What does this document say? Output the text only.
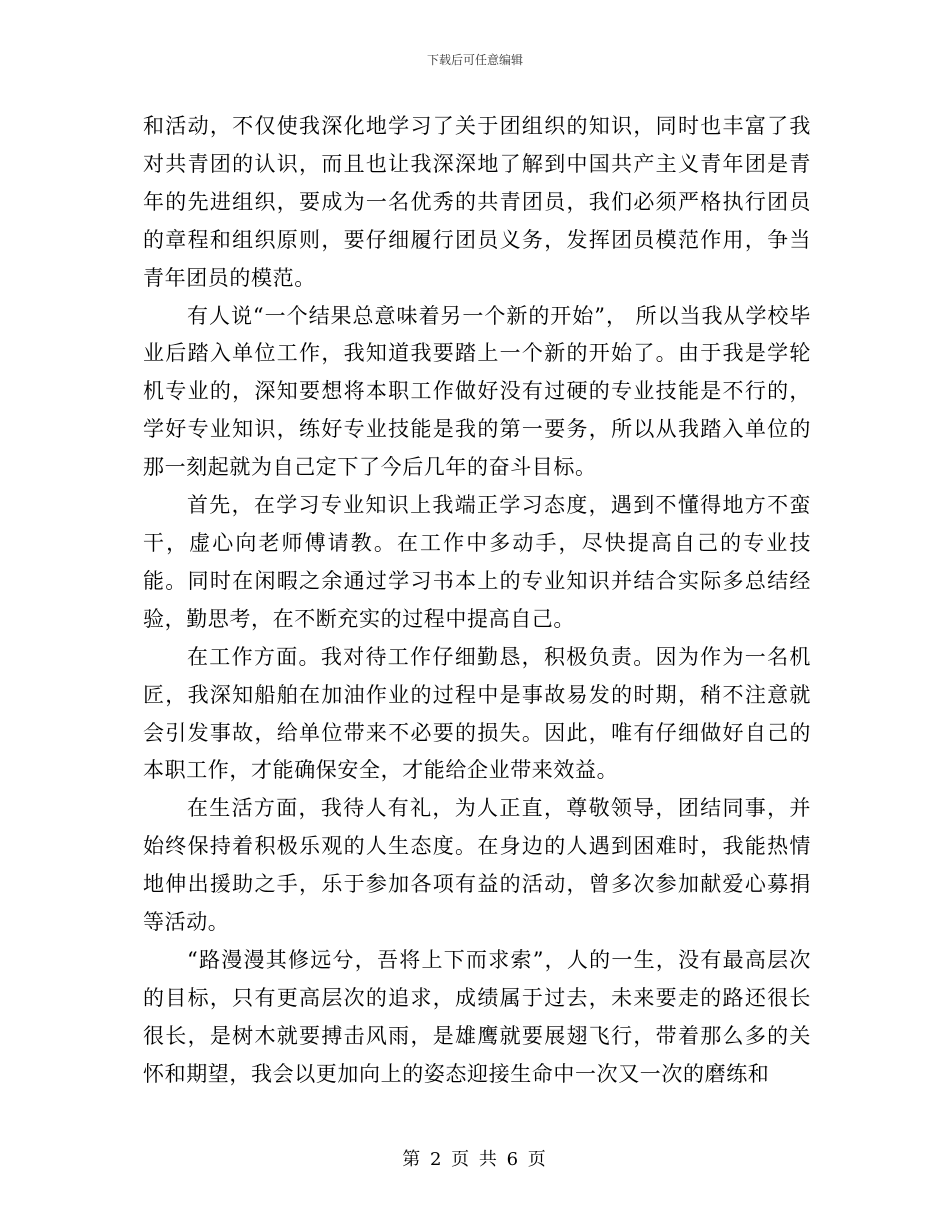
下载后可任意编辑

和活动，不仅使我深化地学习了关于团组织的知识，同时也丰富了我对共青团的认识，而且也让我深深地了解到中国共产主义青年团是青年的先进组织，要成为一名优秀的共青团员，我们必须严格执行团员的章程和组织原则，要仔细履行团员义务，发挥团员模范作用，争当青年团员的模范。

有人说“一个结果总意味着另一个新的开始”， 所以当我从学校毕业后踏入单位工作，我知道我要踏上一个新的开始了。由于我是学轮机专业的，深知要想将本职工作做好没有过硬的专业技能是不行的，学好专业知识，练好专业技能是我的第一要务，所以从我踏入单位的那一刻起就为自己定下了今后几年的奋斗目标。

首先，在学习专业知识上我端正学习态度，遇到不懂得地方不蛮干，虚心向老师傅请教。在工作中多动手，尽快提高自己的专业技能。同时在闲暇之余通过学习书本上的专业知识并结合实际多总结经验，勤思考，在不断充实的过程中提高自己。

在工作方面。我对待工作仔细勤恳，积极负责。因为作为一名机匠，我深知船舶在加油作业的过程中是事故易发的时期，稍不注意就会引发事故，给单位带来不必要的损失。因此，唯有仔细做好自己的本职工作，才能确保安全，才能给企业带来效益。

在生活方面，我待人有礼，为人正直，尊敬领导，团结同事，并始终保持着积极乐观的人生态度。在身边的人遇到困难时，我能热情地伸出援助之手，乐于参加各项有益的活动，曾多次参加献爱心募捐等活动。

“路漫漫其修远兮，吾将上下而求索”，人的一生，没有最高层次的目标，只有更高层次的追求，成绩属于过去，未来要走的路还很长很长，是树木就要搏击风雨，是雄鹰就要展翅飞行，带着那么多的关怀和期望，我会以更加向上的姿态迎接生命中一次又一次的磨练和

第 2 页 共 6 页
